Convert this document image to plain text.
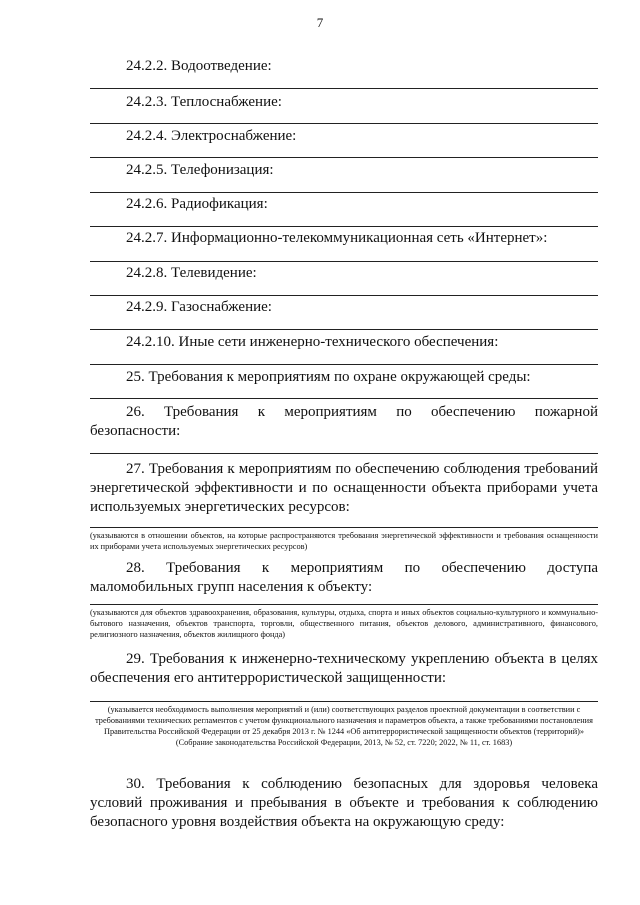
7
24.2.2. Водоотведение:
24.2.3. Теплоснабжение:
24.2.4. Электроснабжение:
24.2.5. Телефонизация:
24.2.6. Радиофикация:
24.2.7. Информационно-телекоммуникационная сеть «Интернет»:
24.2.8. Телевидение:
24.2.9. Газоснабжение:
24.2.10. Иные сети инженерно-технического обеспечения:
25. Требования к мероприятиям по охране окружающей среды:
26. Требования к мероприятиям по обеспечению пожарной безопасности:
27. Требования к мероприятиям по обеспечению соблюдения требований энергетической эффективности и по оснащенности объекта приборами учета используемых энергетических ресурсов:
(указываются в отношении объектов, на которые распространяются требования энергетической эффективности и требования оснащенности их приборами учета используемых энергетических ресурсов)
28. Требования к мероприятиям по обеспечению доступа маломобильных групп населения к объекту:
(указываются для объектов здравоохранения, образования, культуры, отдыха, спорта и иных объектов социально-культурного и коммунально-бытового назначения, объектов транспорта, торговли, общественного питания, объектов делового, административного, финансового, религиозного назначения, объектов жилищного фонда)
29. Требования к инженерно-техническому укреплению объекта в целях обеспечения его антитеррористической защищенности:
(указывается необходимость выполнения мероприятий и (или) соответствующих разделов проектной документации в соответствии с требованиями технических регламентов с учетом функционального назначения и параметров объекта, а также требованиями постановления Правительства Российской Федерации от 25 декабря 2013 г. № 1244 «Об антитеррористической защищенности объектов (территорий)» (Собрание законодательства Российской Федерации, 2013, № 52, ст. 7220; 2022, № 11, ст. 1683)
30. Требования к соблюдению безопасных для здоровья человека условий проживания и пребывания в объекте и требования к соблюдению безопасного уровня воздействия объекта на окружающую среду:
